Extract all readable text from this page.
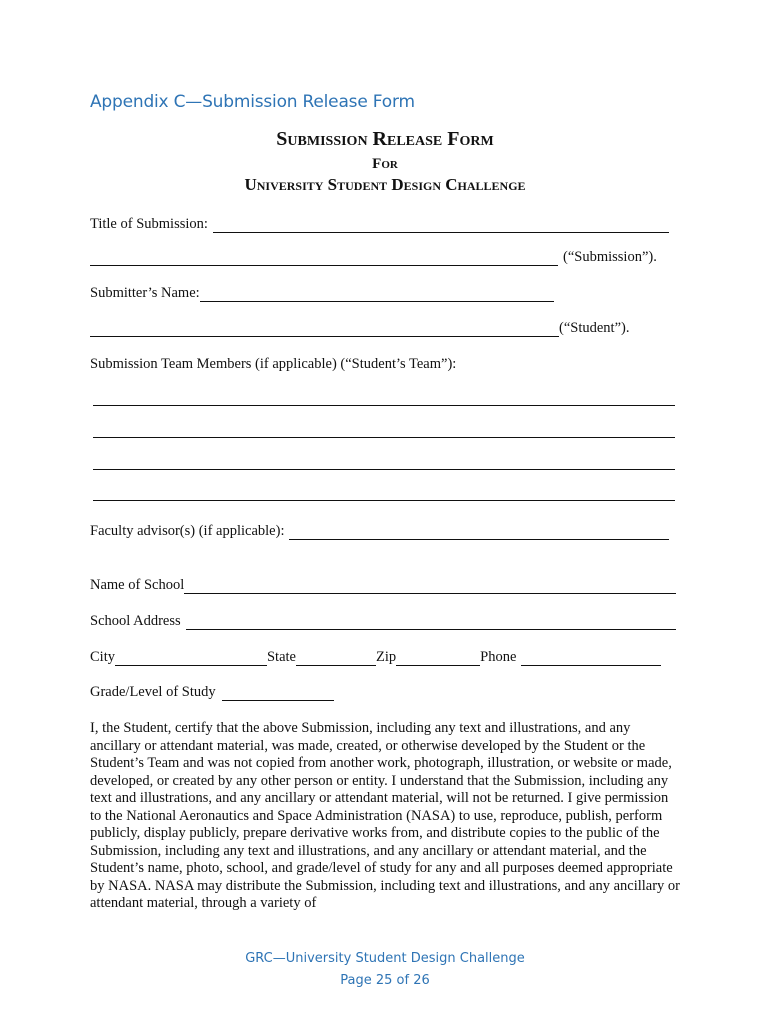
Appendix C—Submission Release Form
Submission Release Form
For
University Student Design Challenge
Title of Submission:
(“Submission”).
Submitter’s Name:
(“Student”).
Submission Team Members (if applicable) (“Student’s Team”):
Faculty advisor(s) (if applicable):
Name of School
School Address
City	State	Zip	Phone
Grade/Level of Study
I, the Student, certify that the above Submission, including any text and illustrations, and any ancillary or attendant material, was made, created, or otherwise developed by the Student or the Student’s Team and was not copied from another work, photograph, illustration, or website or made, developed, or created by any other person or entity. I understand that the Submission, including any text and illustrations, and any ancillary or attendant material, will not be returned. I give permission to the National Aeronautics and Space Administration (NASA) to use, reproduce, publish, perform publicly, display publicly, prepare derivative works from, and distribute copies to the public of the Submission, including any text and illustrations, and any ancillary or attendant material, and the Student’s name, photo, school, and grade/level of study for any and all purposes deemed appropriate by NASA. NASA may distribute the Submission, including text and illustrations, and any ancillary or attendant material, through a variety of
GRC—University Student Design Challenge
Page 25 of 26
